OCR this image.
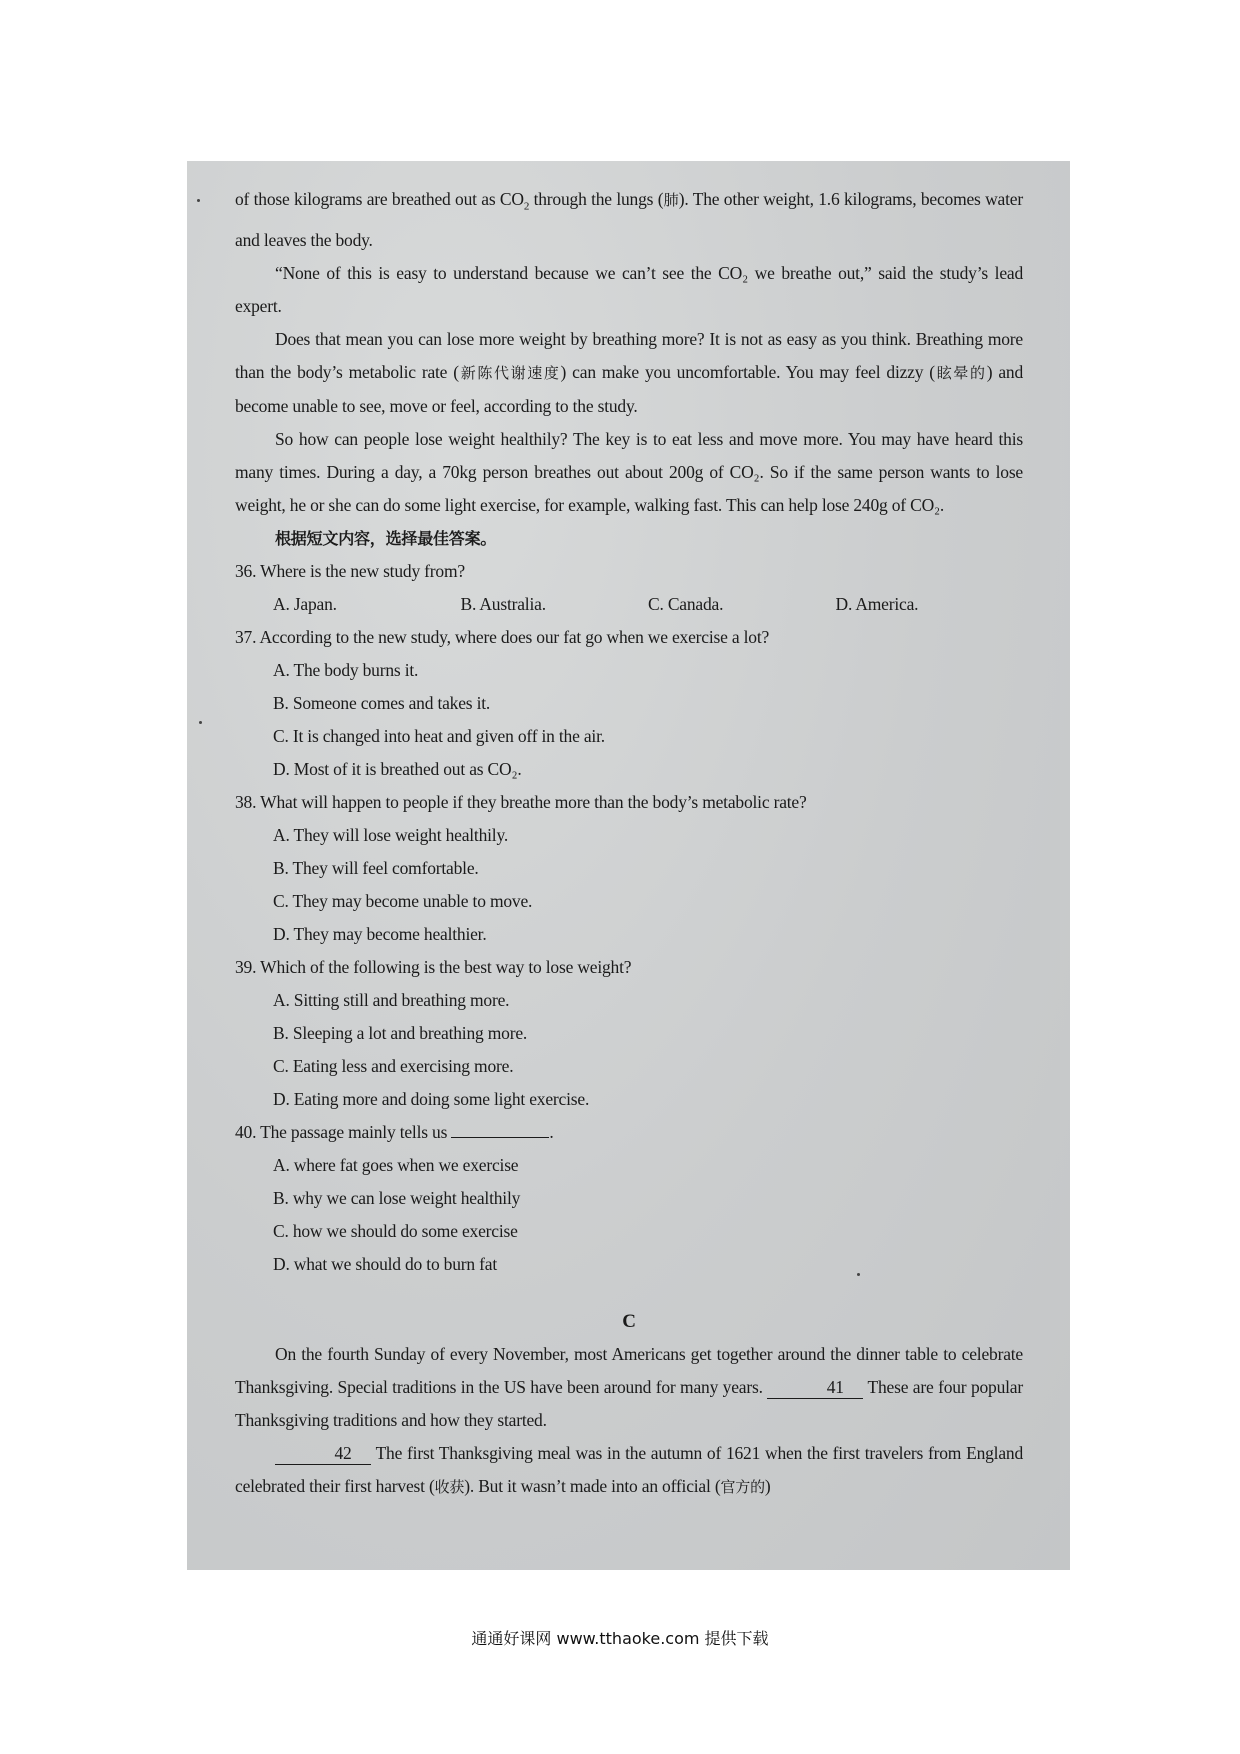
of those kilograms are breathed out as $CO_2$ through the lungs (肺). The other weight, 1.6 kilograms, becomes water and leaves the body.

“None of this is easy to understand because we can’t see the CO₂ we breathe out,” said the study’s lead expert.

Does that mean you can lose more weight by breathing more? It is not as easy as you think. Breathing more than the body’s metabolic rate (新陈代谢速度) can make you uncomfortable. You may feel dizzy (眩晕的) and become unable to see, move or feel, according to the study.

So how can people lose weight healthily? The key is to eat less and move more. You may have heard this many times. During a day, a 70kg person breathes out about 200g of CO₂. So if the same person wants to lose weight, he or she can do some light exercise, for example, walking fast. This can help lose 240g of CO₂.

根据短文内容，选择最佳答案。

36. Where is the new study from?

A. Japan.	B. Australia.	C. Canada.	D. America.

37. According to the new study, where does our fat go when we exercise a lot?

A. The body burns it.

B. Someone comes and takes it.

C. It is changed into heat and given off in the air.

D. Most of it is breathed out as CO₂.

38. What will happen to people if they breathe more than the body’s metabolic rate?

A. They will lose weight healthily.

B. They will feel comfortable.

C. They may become unable to move.

D. They may become healthier.

39. Which of the following is the best way to lose weight?

A. Sitting still and breathing more.

B. Sleeping a lot and breathing more.

C. Eating less and exercising more.

D. Eating more and doing some light exercise.

40. The passage mainly tells us	.

A. where fat goes when we exercise

B. why we can lose weight healthily

C. how we should do some exercise

D. what we should do to burn fat

C

On the fourth Sunday of every November, most Americans get together around the dinner table to celebrate Thanksgiving. Special traditions in the US have been around for many years.	41 These are four popular Thanksgiving traditions and how they started.

42 The first Thanksgiving meal was in the autumn of 1621 when the first travelers from England celebrated their first harvest (收获). But it wasn’t made into an official (官方的)

通通好课网 www.tthaoke.com 提供下载
